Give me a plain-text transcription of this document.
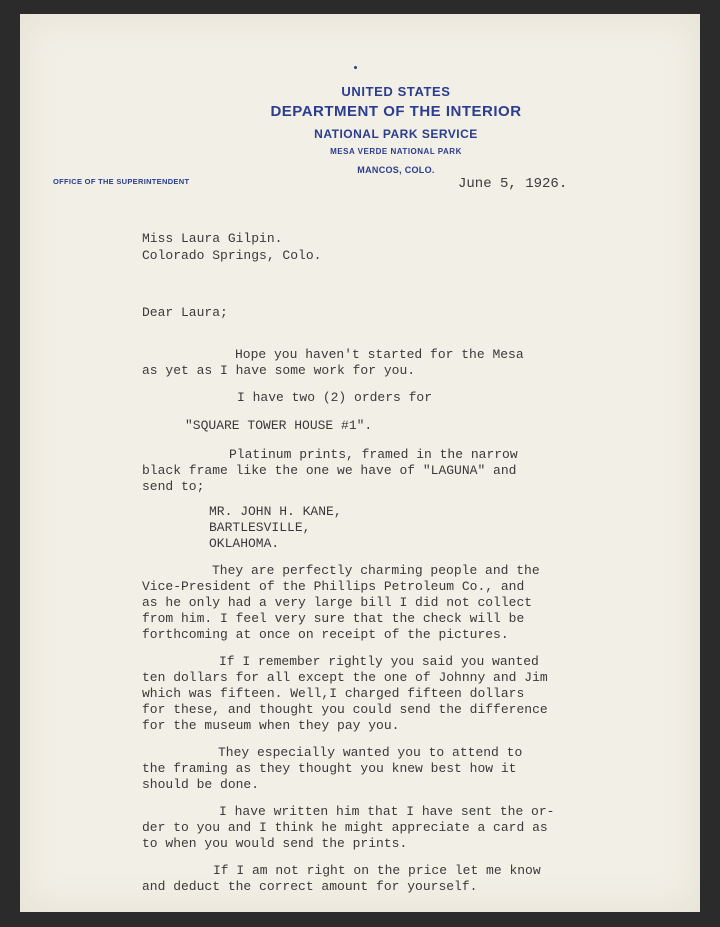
UNITED STATES
DEPARTMENT OF THE INTERIOR
NATIONAL PARK SERVICE
MESA VERDE NATIONAL PARK
MANCOS, COLO.
OFFICE OF THE SUPERINTENDENT	June 5, 1926.
Miss Laura Gilpin.
Colorado Springs, Colo.
Dear Laura;
Hope you haven't started for the Mesa
as yet as I have some work for you.
I have two (2) orders for
"SQUARE TOWER HOUSE #1".
Platinum prints, framed in the narrow
black frame like the one we have of "LAGUNA" and
send to;
MR. JOHN H. KANE,
BARTLESVILLE,
OKLAHOMA.
They are perfectly charming people and the
Vice-President of the Phillips Petroleum Co., and
as he only had a very large bill I did not collect
from him. I feel very sure that the check will be
forthcoming at once on receipt of the pictures.
If I remember rightly you said you wanted
ten dollars for all except the one of Johnny and Jim
which was fifteen. Well,I charged fifteen dollars
for these, and thought you could send the difference
for the museum when they pay you.
They especially wanted you to attend to
the framing as they thought you knew best how it
should be done.
I have written him that I have sent the or-
der to you and I think he might appreciate a card as
to when you would send the prints.
If I am not right on the price let me know
and deduct the correct amount for yourself.
